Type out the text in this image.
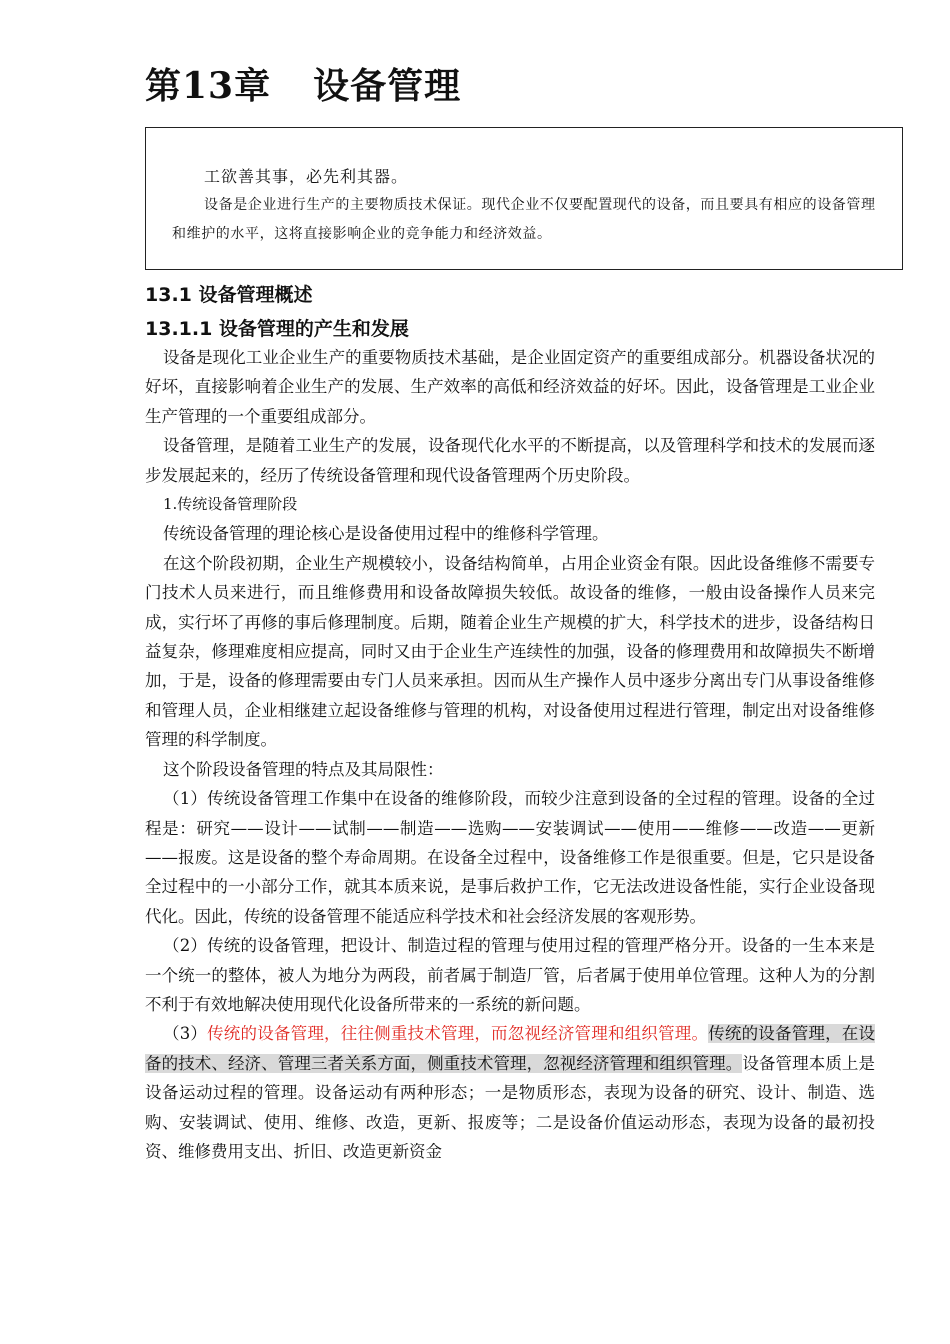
第13章 设备管理
工欲善其事，必先利其器。

设备是企业进行生产的主要物质技术保证。现代企业不仅要配置现代的设备，而且要具有相应的设备管理和维护的水平，这将直接影响企业的竞争能力和经济效益。

13.1 设备管理概述
13.1.1 设备管理的产生和发展

设备是现化工业企业生产的重要物质技术基础，是企业固定资产的重要组成部分。机器设备状况的好坏，直接影响着企业生产的发展、生产效率的高低和经济效益的好坏。因此，设备管理是工业企业生产管理的一个重要组成部分。

设备管理，是随着工业生产的发展，设备现代化水平的不断提高，以及管理科学和技术的发展而逐步发展起来的，经历了传统设备管理和现代设备管理两个历史阶段。

1.传统设备管理阶段

传统设备管理的理论核心是设备使用过程中的维修科学管理。

在这个阶段初期，企业生产规模较小，设备结构简单，占用企业资金有限。因此设备维修不需要专门技术人员来进行，而且维修费用和设备故障损失较低。故设备的维修，一般由设备操作人员来完成，实行坏了再修的事后修理制度。后期，随着企业生产规模的扩大，科学技术的进步，设备结构日益复杂，修理难度相应提高，同时又由于企业生产连续性的加强，设备的修理费用和故障损失不断增加，于是，设备的修理需要由专门人员来承担。因而从生产操作人员中逐步分离出专门从事设备维修和管理人员，企业相继建立起设备维修与管理的机构，对设备使用过程进行管理，制定出对设备维修管理的科学制度。

这个阶段设备管理的特点及其局限性：

（1）传统设备管理工作集中在设备的维修阶段，而较少注意到设备的全过程的管理。设备的全过程是：研究——设计——试制——制造——选购——安装调试——使用——维修——改造——更新——报废。这是设备的整个寿命周期。在设备全过程中，设备维修工作是很重要。但是，它只是设备全过程中的一小部分工作，就其本质来说，是事后救护工作，它无法改进设备性能，实行企业设备现代化。因此，传统的设备管理不能适应科学技术和社会经济发展的客观形势。

（2）传统的设备管理，把设计、制造过程的管理与使用过程的管理严格分开。设备的一生本来是一个统一的整体，被人为地分为两段，前者属于制造厂管，后者属于使用单位管理。这种人为的分割不利于有效地解决使用现代化设备所带来的一系统的新问题。

（3）传统的设备管理，往往侧重技术管理，而忽视经济管理和组织管理。传统的设备管理，在设备的技术、经济、管理三者关系方面，侧重技术管理，忽视经济管理和组织管理。设备管理本质上是设备运动过程的管理。设备运动有两种形态；一是物质形态，表现为设备的研究、设计、制造、选购、安装调试、使用、维修、改造，更新、报废等；二是设备价值运动形态，表现为设备的最初投资、维修费用支出、折旧、改造更新资金
